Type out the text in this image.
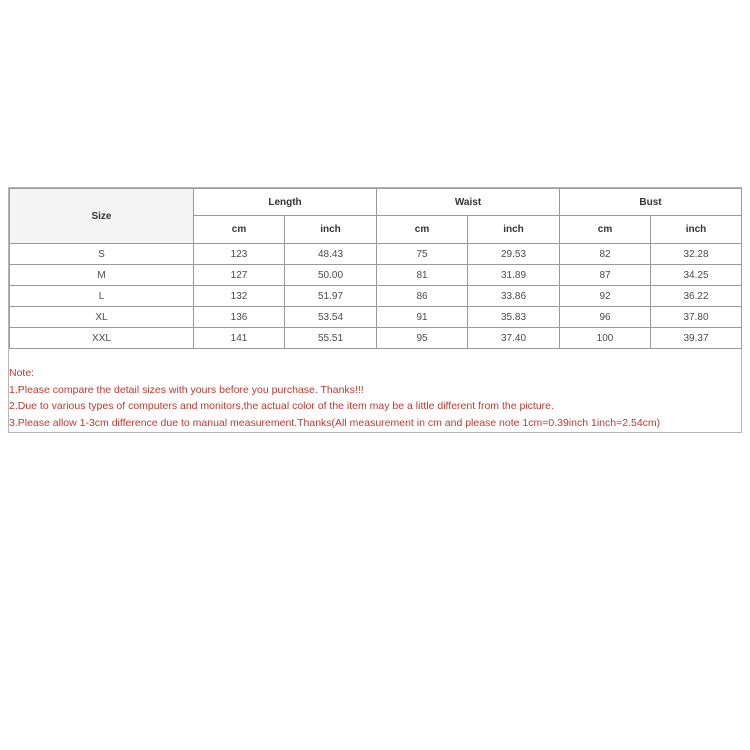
Size	Length		Waist		Bust	
	cm	inch	cm	inch	cm	inch
S	123	48.43	75	29.53	82	32.28
M	127	50.00	81	31.89	87	34.25
L	132	51.97	86	33.86	92	36.22
XL	136	53.54	91	35.83	96	37.80
XXL	141	55.51	95	37.40	100	39.37
Note:
1.Please compare the detail sizes with yours before you purchase. Thanks!!!
2.Due to various types of computers and monitors,the actual color of the item may be a little different from the picture.
3.Please allow 1-3cm difference due to manual measurement.Thanks(All measurement in cm and please note 1cm=0.39inch 1inch=2.54cm)
